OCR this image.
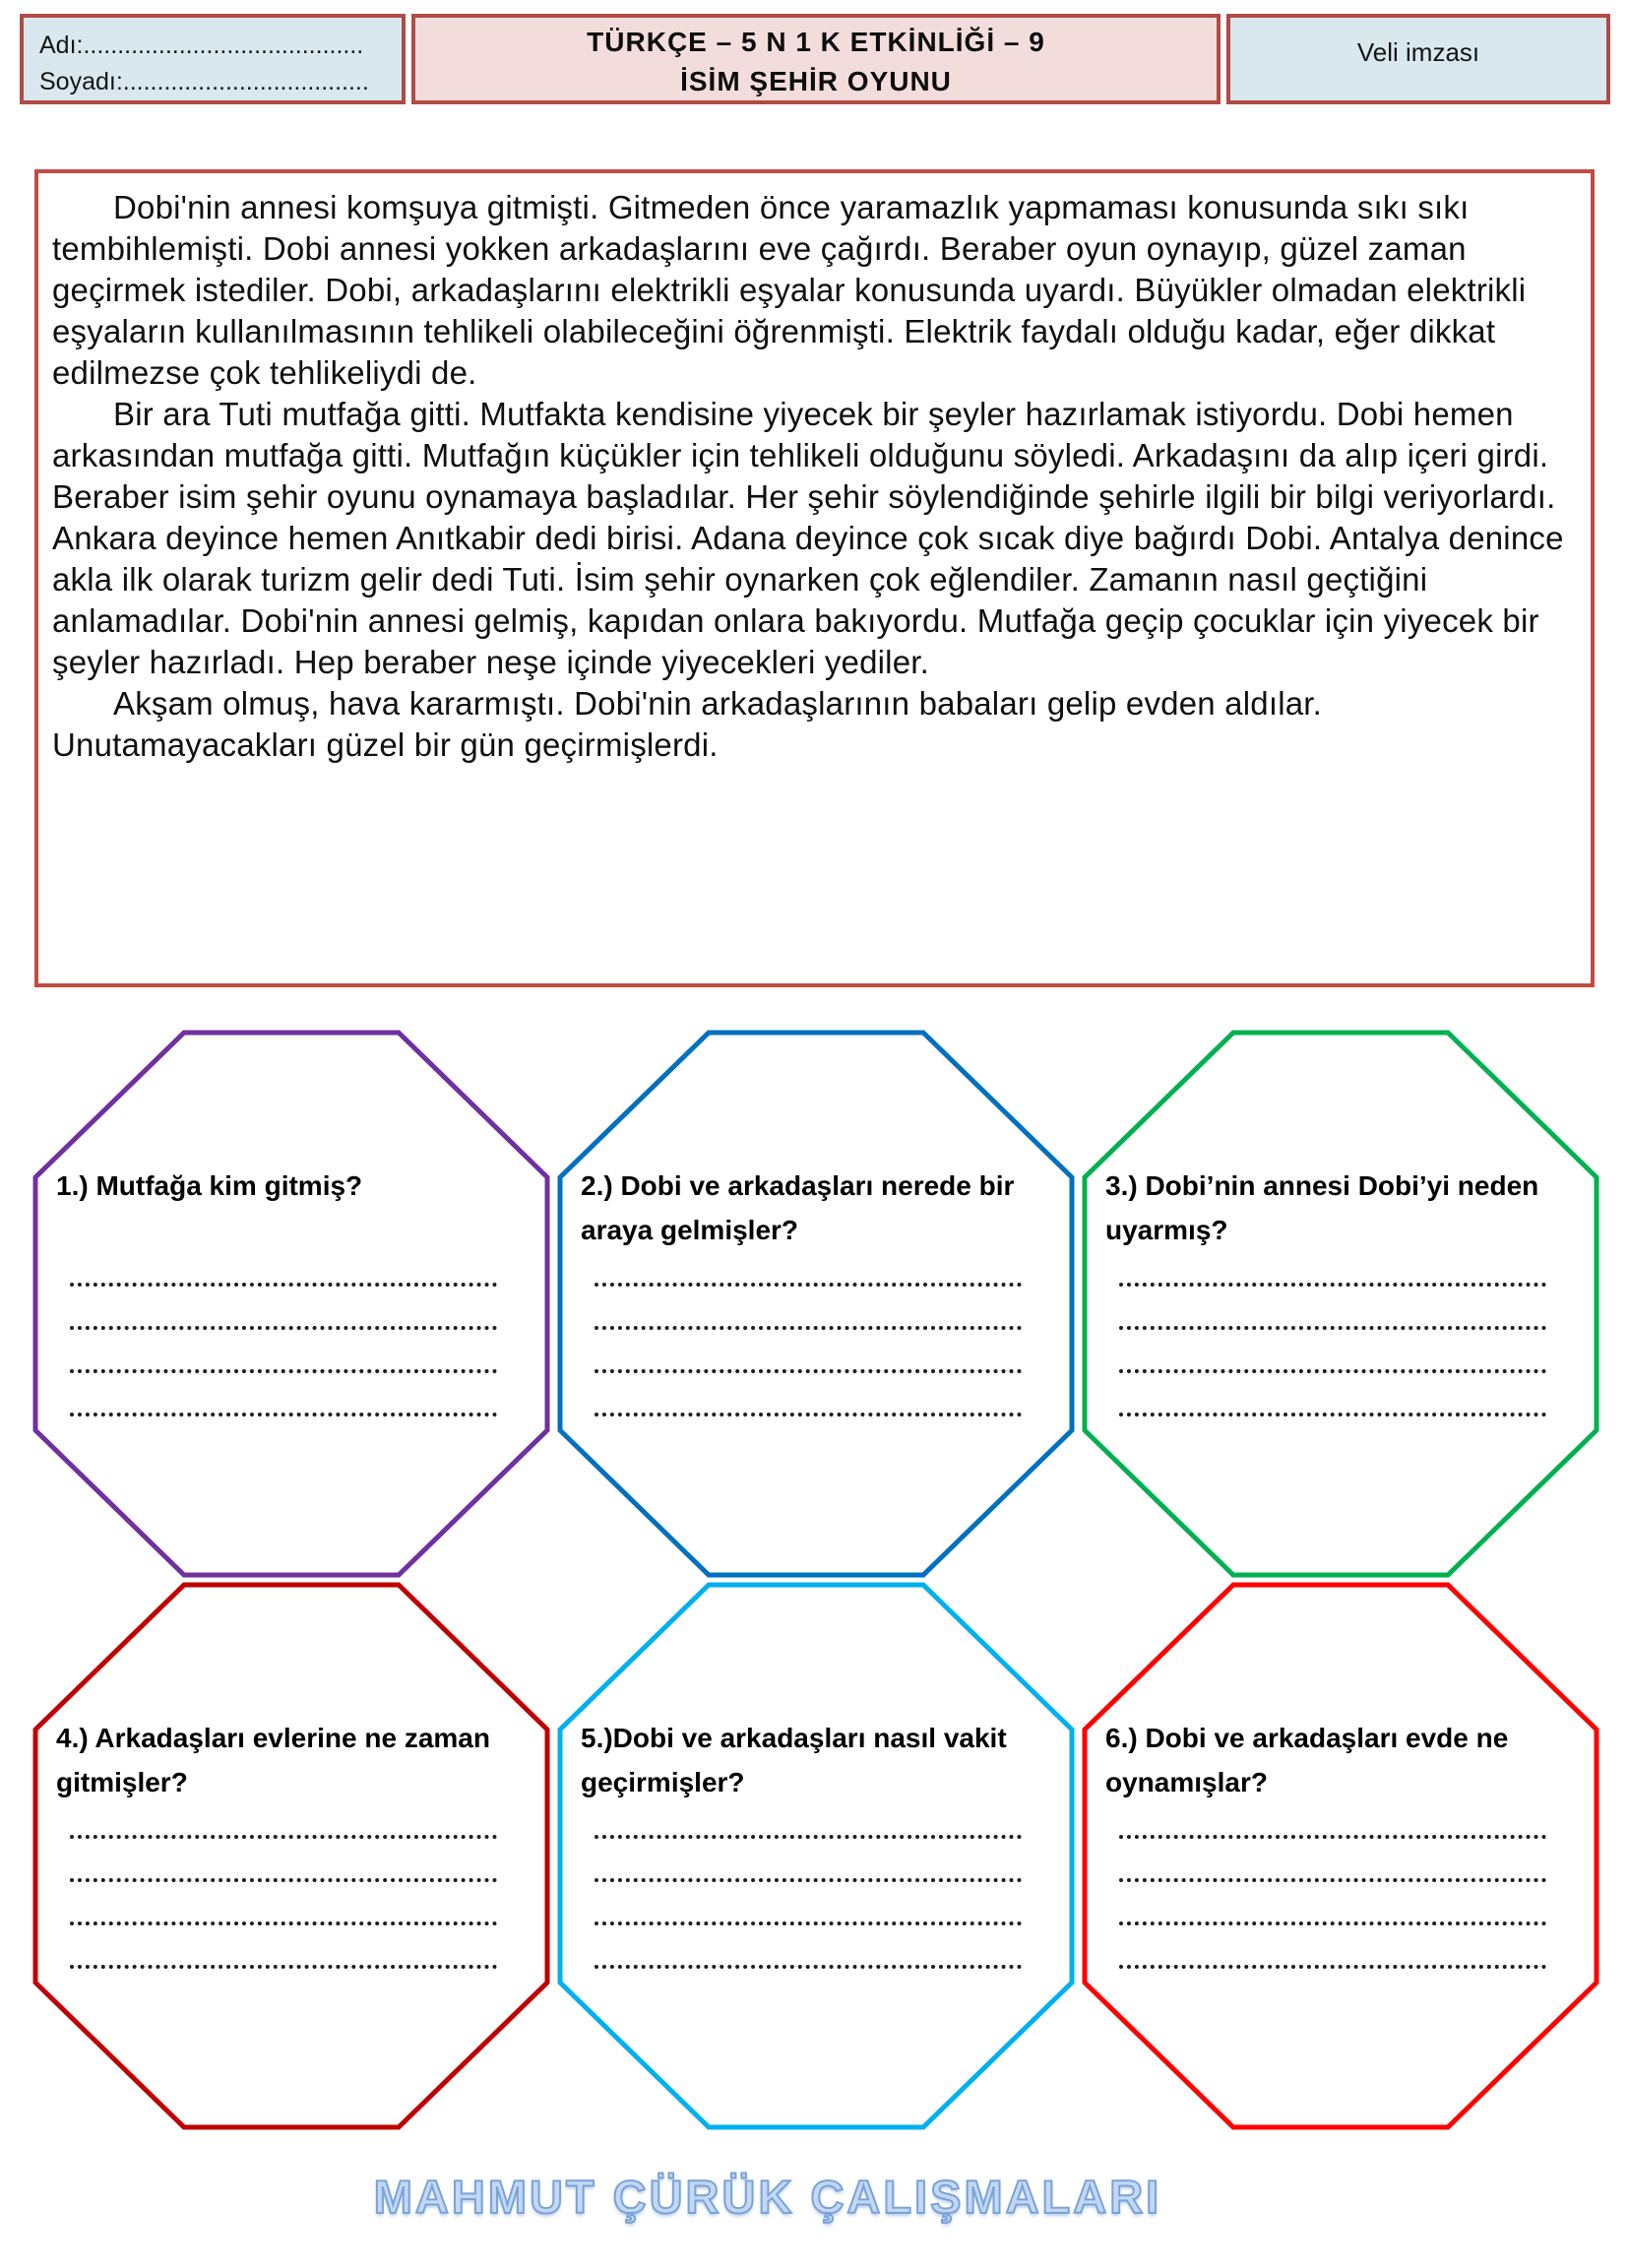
Adı:.........................................
Soyadı:....................................
TÜRKÇE – 5 N 1 K ETKİNLİĞİ – 9
İSİM ŞEHİR OYUNU
Veli imzası

Dobi'nin annesi komşuya gitmişti. Gitmeden önce yaramazlık yapmaması konusunda sıkı sıkı tembihlemişti. Dobi annesi yokken arkadaşlarını eve çağırdı. Beraber oyun oynayıp, güzel zaman geçirmek istediler. Dobi, arkadaşlarını elektrikli eşyalar konusunda uyardı. Büyükler olmadan elektrikli eşyaların kullanılmasının tehlikeli olabileceğini öğrenmişti. Elektrik faydalı olduğu kadar, eğer dikkat edilmezse çok tehlikeliydi de.

Bir ara Tuti mutfağa gitti. Mutfakta kendisine yiyecek bir şeyler hazırlamak istiyordu. Dobi hemen arkasından mutfağa gitti. Mutfağın küçükler için tehlikeli olduğunu söyledi. Arkadaşını da alıp içeri girdi. Beraber isim şehir oyunu oynamaya başladılar. Her şehir söylendiğinde şehirle ilgili bir bilgi veriyorlardı. Ankara deyince hemen Anıtkabir dedi birisi. Adana deyince çok sıcak diye bağırdı Dobi. Antalya denince akla ilk olarak turizm gelir dedi Tuti. İsim şehir oynarken çok eğlendiler. Zamanın nasıl geçtiğini anlamadılar. Dobi'nin annesi gelmiş, kapıdan onlara bakıyordu. Mutfağa geçip çocuklar için yiyecek bir şeyler hazırladı. Hep beraber neşe içinde yiyecekleri yediler.

Akşam olmuş, hava kararmıştı. Dobi'nin arkadaşlarının babaları gelip evden aldılar. Unutamayacakları güzel bir gün geçirmişlerdi.

1.) Mutfağa kim gitmiş?	2.) Dobi ve arkadaşları nerede bir araya gelmişler?
3.) Dobi’nin annesi Dobi’yi neden uyarmış?
4.) Arkadaşları evlerine ne zaman gitmişler?
5.)Dobi ve arkadaşları nasıl vakit geçirmişler?
6.) Dobi ve arkadaşları evde ne oynamışlar?
MAHMUT ÇÜRÜK ÇALIŞMALARI
